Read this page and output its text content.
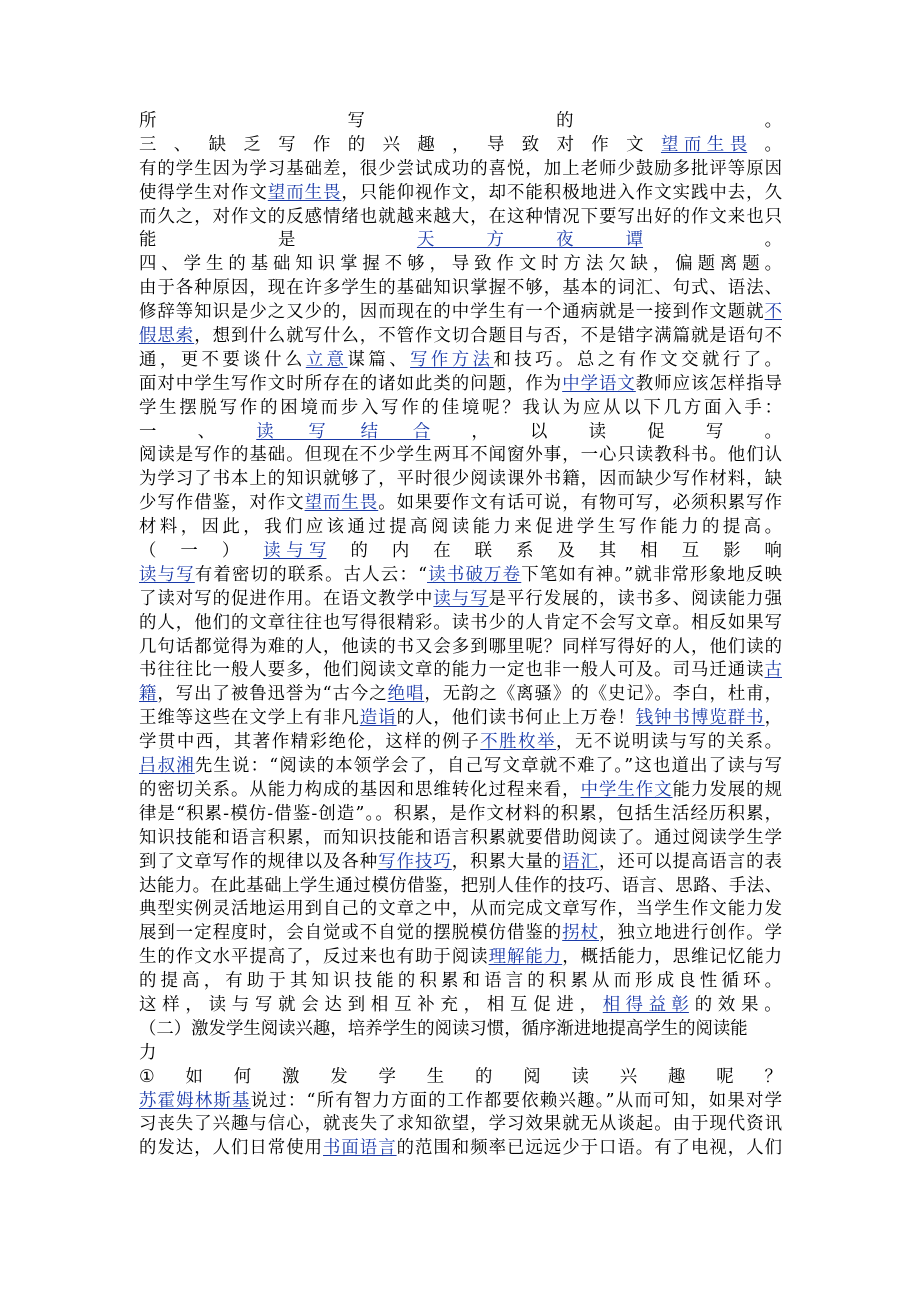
所	写	的	。
三 、 缺 乏 写 作 的 兴 趣 ， 导 致 对 作 文 望 而 生 畏 。
有的学生因为学习基础差，很少尝试成功的喜悦，加上老师少鼓励多批评等原因
使得学生对作文望而生畏，只能仰视作文，却不能积极地进入作文实践中去，久
而久之，对作文的反感情绪也就越来越大，在这种情况下要写出好的作文来也只
能	是	天　　　方　　　夜　　　谭	。
四、学生的基础知识掌握不够，导致作文时方法欠缺，偏题离题。
由于各种原因，现在许多学生的基础知识掌握不够，基本的词汇、句式、语法、
修辞等知识是少之又少的，因而现在的中学生有一个通病就是一接到作文题就不
假思索，想到什么就写什么，不管作文切合题目与否，不是错字满篇就是语句不
通，更不要谈什么立意谋篇、写作方法和技巧。总之有作文交就行了。
面对中学生写作文时所存在的诸如此类的问题，作为中学语文教师应该怎样指导
学生摆脱写作的困境而步入写作的佳境呢？我认为应从以下几方面入手：
一 、 读　　写　　结　　合 ， 以 读 促 写 。
阅读是写作的基础。但现在不少学生两耳不闻窗外事，一心只读教科书。他们认
为学习了书本上的知识就够了，平时很少阅读课外书籍，因而缺少写作材料，缺
少写作借鉴，对作文望而生畏。如果要作文有话可说，有物可写，必须积累写作
材料，因此，我们应该通过提高阅读能力来促进学生写作能力的提高。
（ 一 ） 读 与 写 的 内 在 联 系 及 其 相 互 影 响
读与写有着密切的联系。古人云：“读书破万卷下笔如有神。”就非常形象地反映
了读对写的促进作用。在语文教学中读与写是平行发展的，读书多、阅读能力强
的人，他们的文章往往也写得很精彩。读书少的人肯定不会写文章。相反如果写
几句话都觉得为难的人，他读的书又会多到哪里呢？同样写得好的人，他们读的
书往往比一般人要多，他们阅读文章的能力一定也非一般人可及。司马迁通读古
籍，写出了被鲁迅誉为“古今之绝唱，无韵之《离骚》的《史记》。李白，杜甫，
王维等这些在文学上有非凡造诣的人，他们读书何止上万卷！钱钟书博览群书，
学贯中西，其著作精彩绝伦，这样的例子不胜枚举，无不说明读与写的关系。
吕叔湘先生说：“阅读的本领学会了，自己写文章就不难了。”这也道出了读与写
的密切关系。从能力构成的基因和思维转化过程来看，中学生作文能力发展的规
律是“积累-模仿-借鉴-创造”。。积累，是作文材料的积累，包括生活经历积累，
知识技能和语言积累，而知识技能和语言积累就要借助阅读了。通过阅读学生学
到了文章写作的规律以及各种写作技巧，积累大量的语汇，还可以提高语言的表
达能力。在此基础上学生通过模仿借鉴，把别人佳作的技巧、语言、思路、手法、
典型实例灵活地运用到自己的文章之中，从而完成文章写作，当学生作文能力发
展到一定程度时，会自觉或不自觉的摆脱模仿借鉴的拐杖，独立地进行创作。学
生的作文水平提高了，反过来也有助于阅读理解能力，概括能力，思维记忆能力
的提高，有助于其知识技能的积累和语言的积累从而形成良性循环。
这 样 ， 读 与 写 就 会 达 到 相 互 补 充 ， 相 互 促 进 ， 相 得 益 彰 的 效 果 。
（二）激发学生阅读兴趣，培养学生的阅读习惯，循序渐进地提高学生的阅读能
力
① 如 何 激 发 学 生 的 阅 读 兴 趣 呢 ？
苏霍姆林斯基说过：“所有智力方面的工作都要依赖兴趣。”从而可知，如果对学
习丧失了兴趣与信心，就丧失了求知欲望，学习效果就无从谈起。由于现代资讯
的发达，人们日常使用书面语言的范围和频率已远远少于口语。有了电视，人们
